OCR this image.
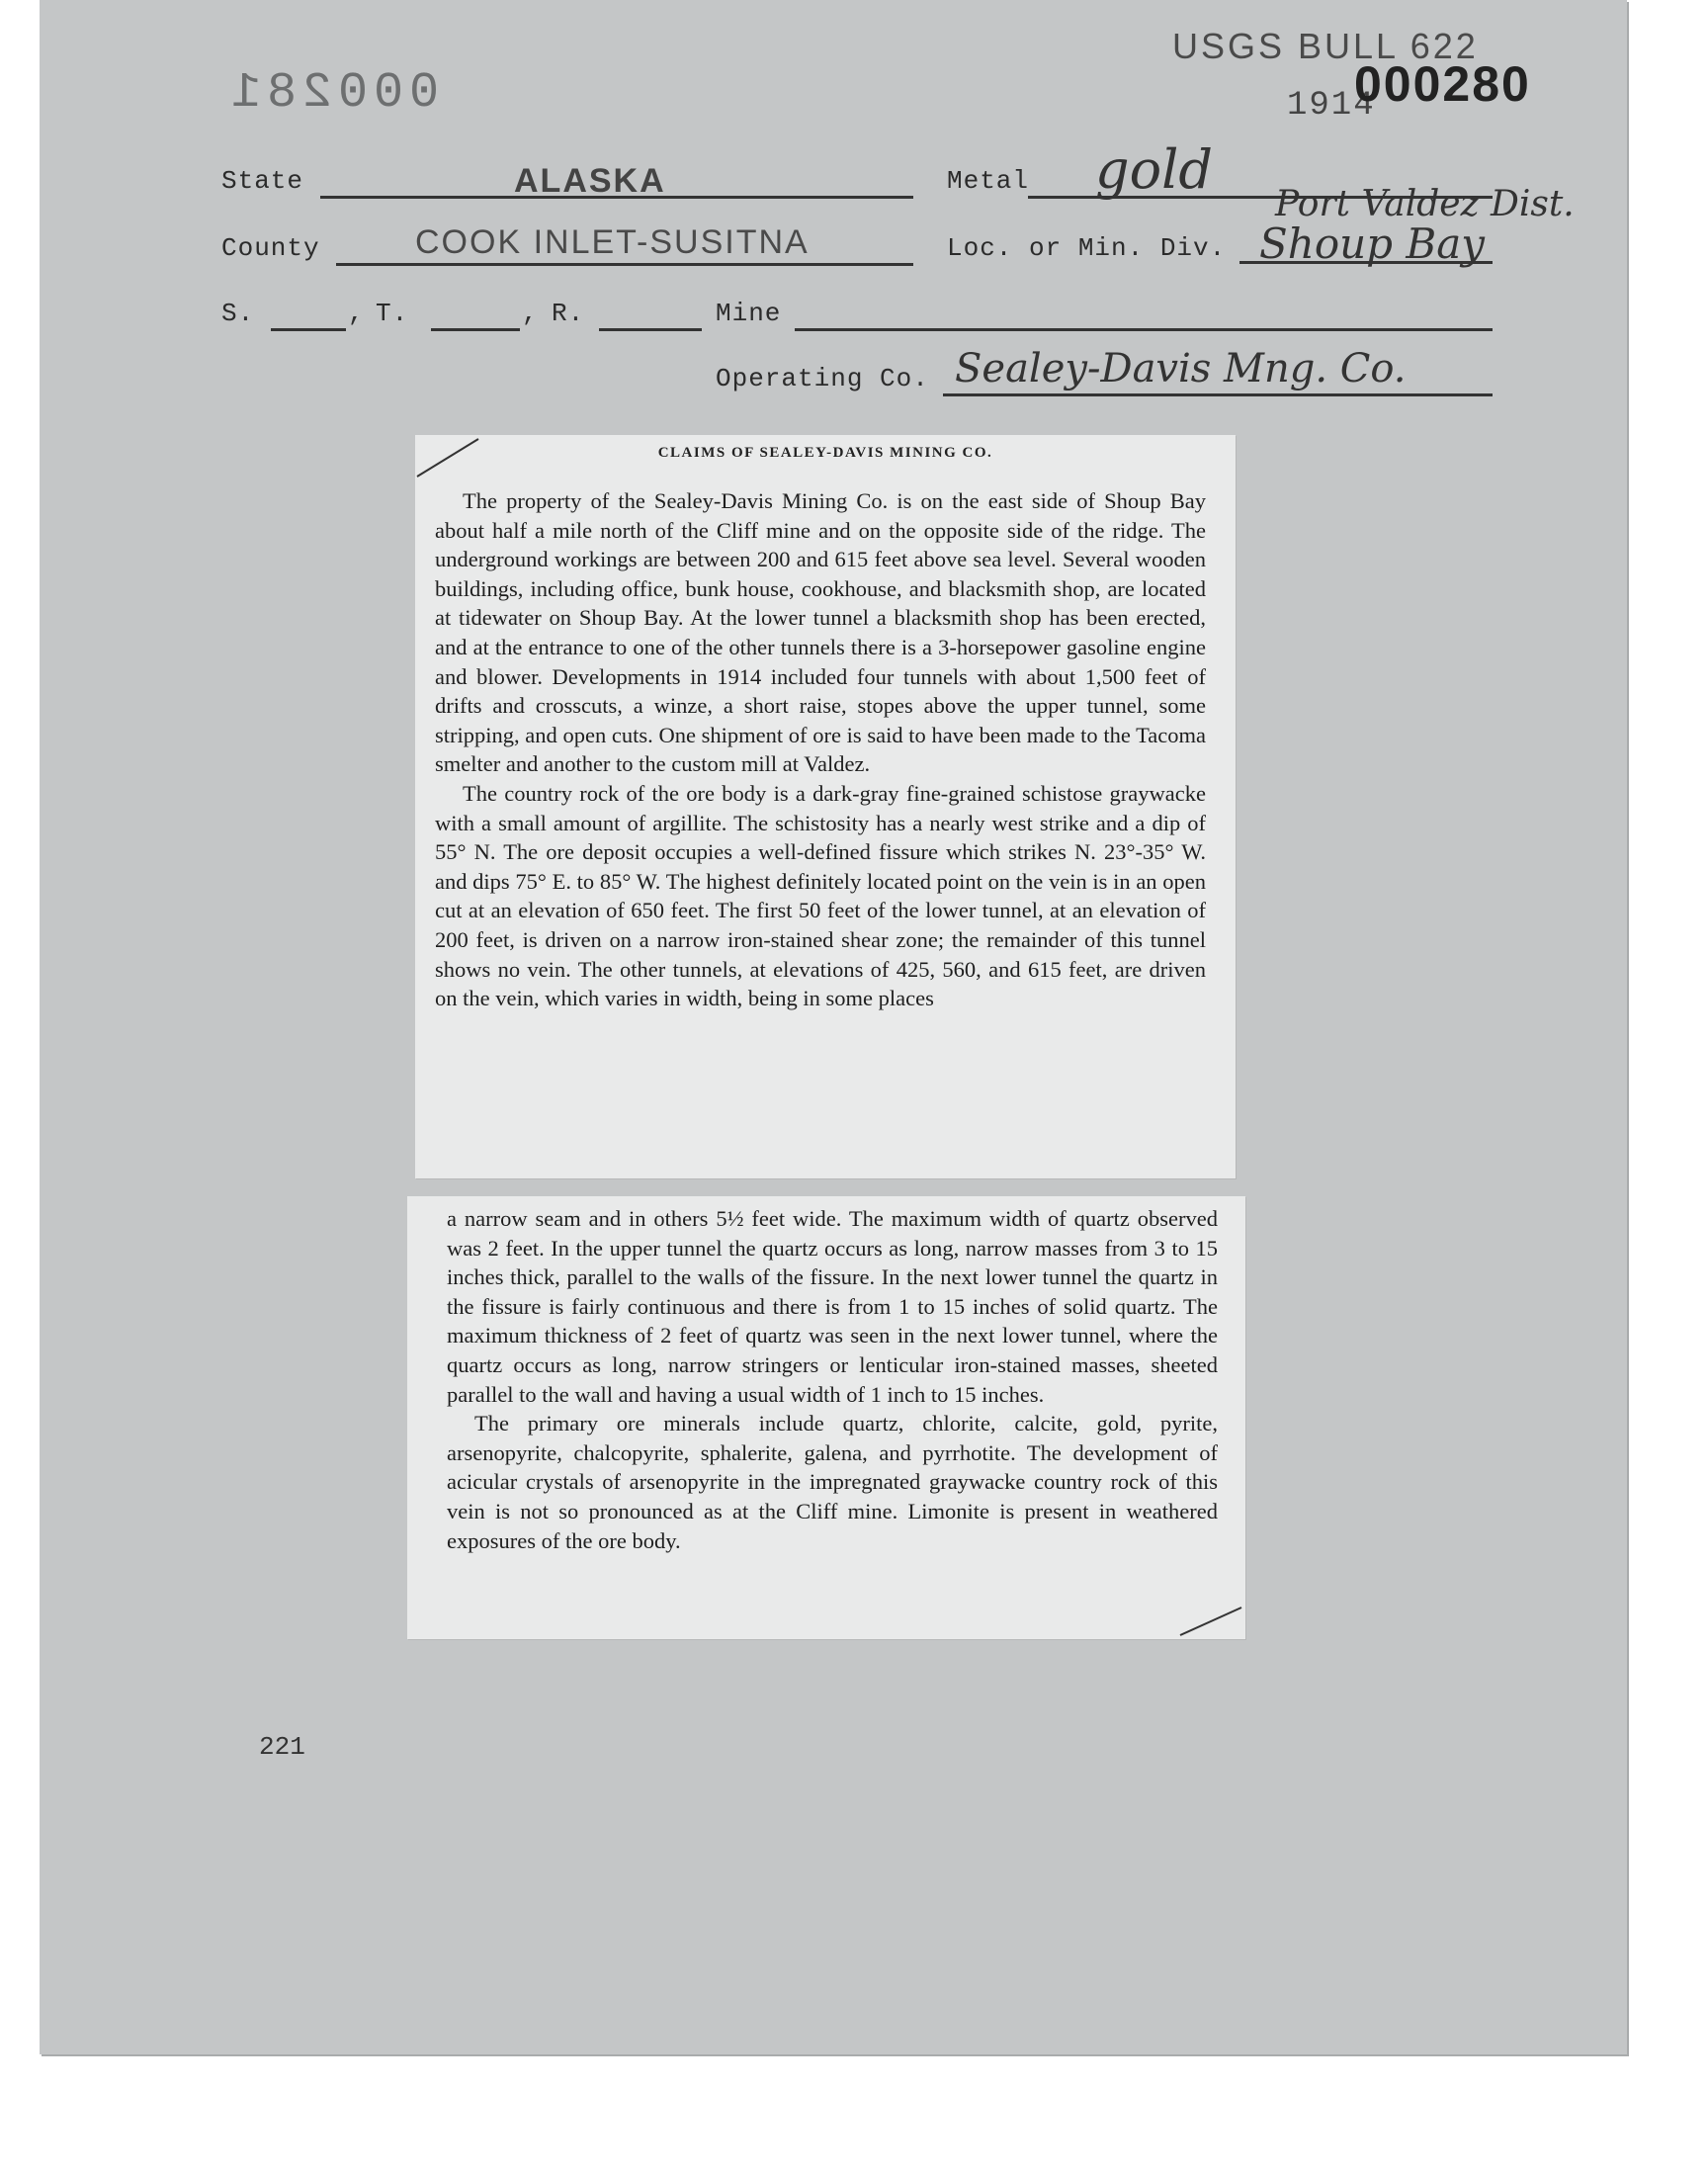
000281
USGS BULL 622
1914
000280
State	ALASKA	Metal gold
Port Valdez Dist.
County	COOK INLET-SUSITNA	Loc. or Min. Div. Shoup Bay
S.	, T.	, R.	Mine
Operating Co. Sealey-Davis Mng. Co.
CLAIMS OF SEALEY-DAVIS MINING CO.

The property of the Sealey-Davis Mining Co. is on the east side of Shoup Bay about half a mile north of the Cliff mine and on the opposite side of the ridge. The underground workings are between 200 and 615 feet above sea level. Several wooden buildings, including office, bunk house, cookhouse, and blacksmith shop, are located at tidewater on Shoup Bay. At the lower tunnel a blacksmith shop has been erected, and at the entrance to one of the other tunnels there is a 3-horsepower gasoline engine and blower. Developments in 1914 included four tunnels with about 1,500 feet of drifts and crosscuts, a winze, a short raise, stopes above the upper tunnel, some stripping, and open cuts. One shipment of ore is said to have been made to the Tacoma smelter and another to the custom mill at Valdez.

The country rock of the ore body is a dark-gray fine-grained schistose graywacke with a small amount of argillite. The schistosity has a nearly west strike and a dip of 55° N. The ore deposit occupies a well-defined fissure which strikes N. 23°-35° W. and dips 75° E. to 85° W. The highest definitely located point on the vein is in an open cut at an elevation of 650 feet. The first 50 feet of the lower tunnel, at an elevation of 200 feet, is driven on a narrow iron-stained shear zone; the remainder of this tunnel shows no vein. The other tunnels, at elevations of 425, 560, and 615 feet, are driven on the vein, which varies in width, being in some places

a narrow seam and in others 5½ feet wide. The maximum width of quartz observed was 2 feet. In the upper tunnel the quartz occurs as long, narrow masses from 3 to 15 inches thick, parallel to the walls of the fissure. In the next lower tunnel the quartz in the fissure is fairly continuous and there is from 1 to 15 inches of solid quartz. The maximum thickness of 2 feet of quartz was seen in the next lower tunnel, where the quartz occurs as long, narrow stringers or lenticular iron-stained masses, sheeted parallel to the wall and having a usual width of 1 inch to 15 inches.

The primary ore minerals include quartz, chlorite, calcite, gold, pyrite, arsenopyrite, chalcopyrite, sphalerite, galena, and pyrrhotite. The development of acicular crystals of arsenopyrite in the impregnated graywacke country rock of this vein is not so pronounced as at the Cliff mine. Limonite is present in weathered exposures of the ore body.

221
